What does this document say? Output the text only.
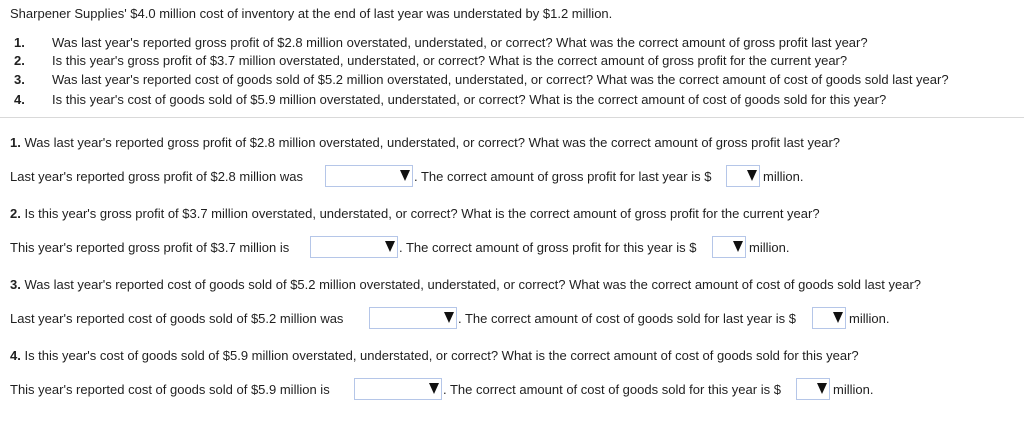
Sharpener Supplies' $4.0 million cost of inventory at the end of last year was understated by $1.2 million.
1. Was last year's reported gross profit of $2.8 million overstated, understated, or correct? What was the correct amount of gross profit last year?
2. Is this year's gross profit of $3.7 million overstated, understated, or correct? What is the correct amount of gross profit for the current year?
3. Was last year's reported cost of goods sold of $5.2 million overstated, understated, or correct? What was the correct amount of cost of goods sold last year?
4. Is this year's cost of goods sold of $5.9 million overstated, understated, or correct? What is the correct amount of cost of goods sold for this year?
1. Was last year's reported gross profit of $2.8 million overstated, understated, or correct? What was the correct amount of gross profit last year?
Last year's reported gross profit of $2.8 million was	. The correct amount of gross profit for last year is $	million.
2. Is this year's gross profit of $3.7 million overstated, understated, or correct? What is the correct amount of gross profit for the current year?
This year's reported gross profit of $3.7 million is	. The correct amount of gross profit for this year is $	million.
3. Was last year's reported cost of goods sold of $5.2 million overstated, understated, or correct? What was the correct amount of cost of goods sold last year?
Last year's reported cost of goods sold of $5.2 million was	. The correct amount of cost of goods sold for last year is $	million.
4. Is this year's cost of goods sold of $5.9 million overstated, understated, or correct? What is the correct amount of cost of goods sold for this year?
This year's reported cost of goods sold of $5.9 million is	. The correct amount of cost of goods sold for this year is $	million.
